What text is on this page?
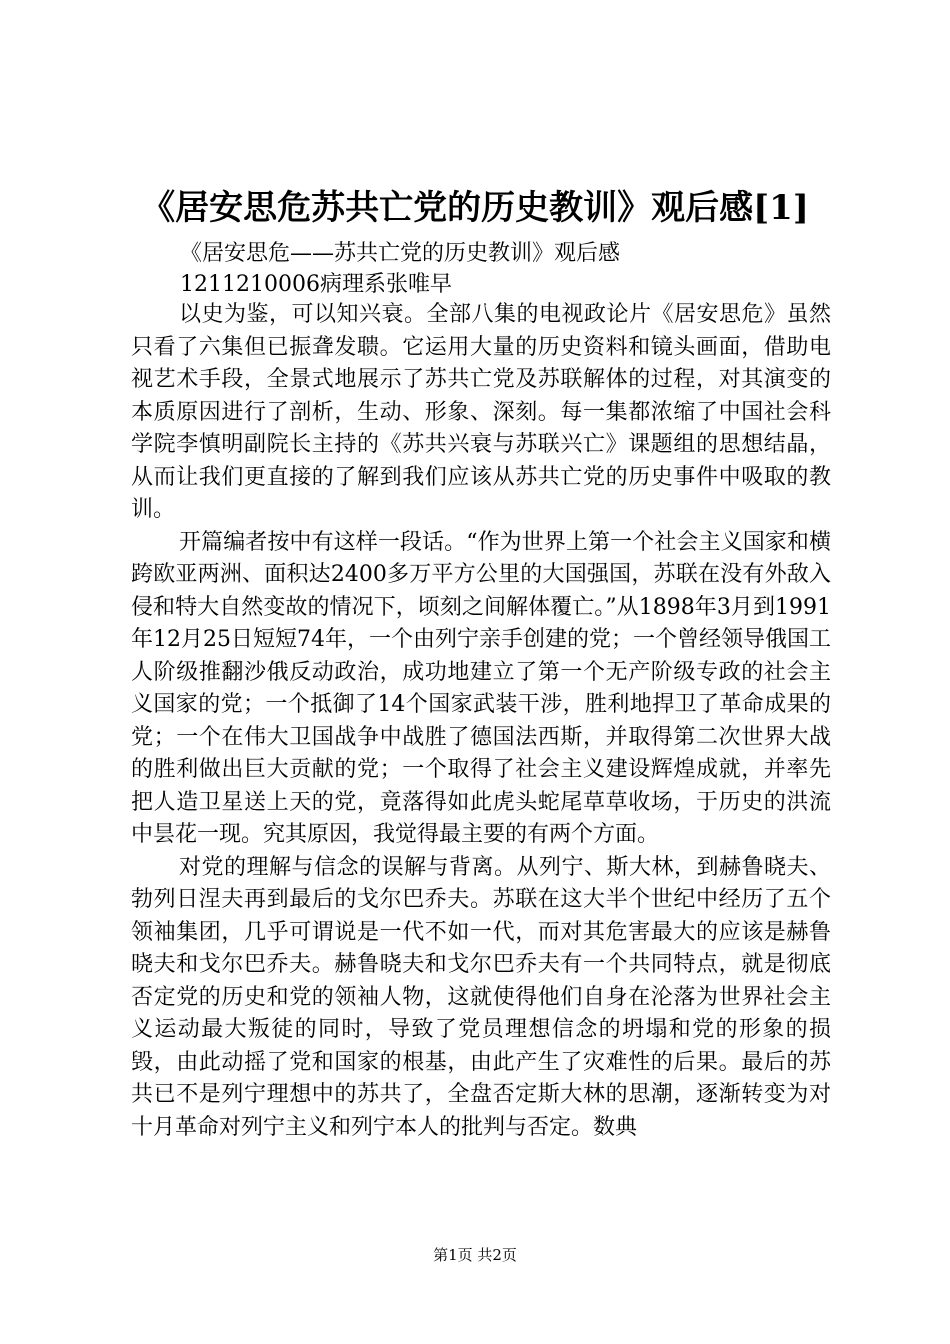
《居安思危苏共亡党的历史教训》观后感[1]
《居安思危——苏共亡党的历史教训》观后感
1211210006病理系张唯早

以史为鉴，可以知兴衰。全部八集的电视政论片《居安思危》虽然只看了六集但已振聋发聩。它运用大量的历史资料和镜头画面，借助电视艺术手段，全景式地展示了苏共亡党及苏联解体的过程，对其演变的本质原因进行了剖析，生动、形象、深刻。每一集都浓缩了中国社会科学院李慎明副院长主持的《苏共兴衰与苏联兴亡》课题组的思想结晶，从而让我们更直接的了解到我们应该从苏共亡党的历史事件中吸取的教训。

开篇编者按中有这样一段话。“作为世界上第一个社会主义国家和横跨欧亚两洲、面积达2400多万平方公里的大国强国，苏联在没有外敌入侵和特大自然变故的情况下，顷刻之间解体覆亡。”从1898年3月到1991年12月25日短短74年，一个由列宁亲手创建的党；一个曾经领导俄国工人阶级推翻沙俄反动政治，成功地建立了第一个无产阶级专政的社会主义国家的党；一个抵御了14个国家武装干涉，胜利地捍卫了革命成果的党；一个在伟大卫国战争中战胜了德国法西斯，并取得第二次世界大战的胜利做出巨大贡献的党；一个取得了社会主义建设辉煌成就，并率先把人造卫星送上天的党，竟落得如此虎头蛇尾草草收场，于历史的洪流中昙花一现。究其原因，我觉得最主要的有两个方面。

对党的理解与信念的误解与背离。从列宁、斯大林，到赫鲁晓夫、勃列日涅夫再到最后的戈尔巴乔夫。苏联在这大半个世纪中经历了五个领袖集团，几乎可谓说是一代不如一代，而对其危害最大的应该是赫鲁晓夫和戈尔巴乔夫。赫鲁晓夫和戈尔巴乔夫有一个共同特点，就是彻底否定党的历史和党的领袖人物，这就使得他们自身在沦落为世界社会主义运动最大叛徒的同时，导致了党员理想信念的坍塌和党的形象的损毁，由此动摇了党和国家的根基，由此产生了灾难性的后果。最后的苏共已不是列宁理想中的苏共了，全盘否定斯大林的思潮，逐渐转变为对十月革命对列宁主义和列宁本人的批判与否定。数典

第1页 共2页
